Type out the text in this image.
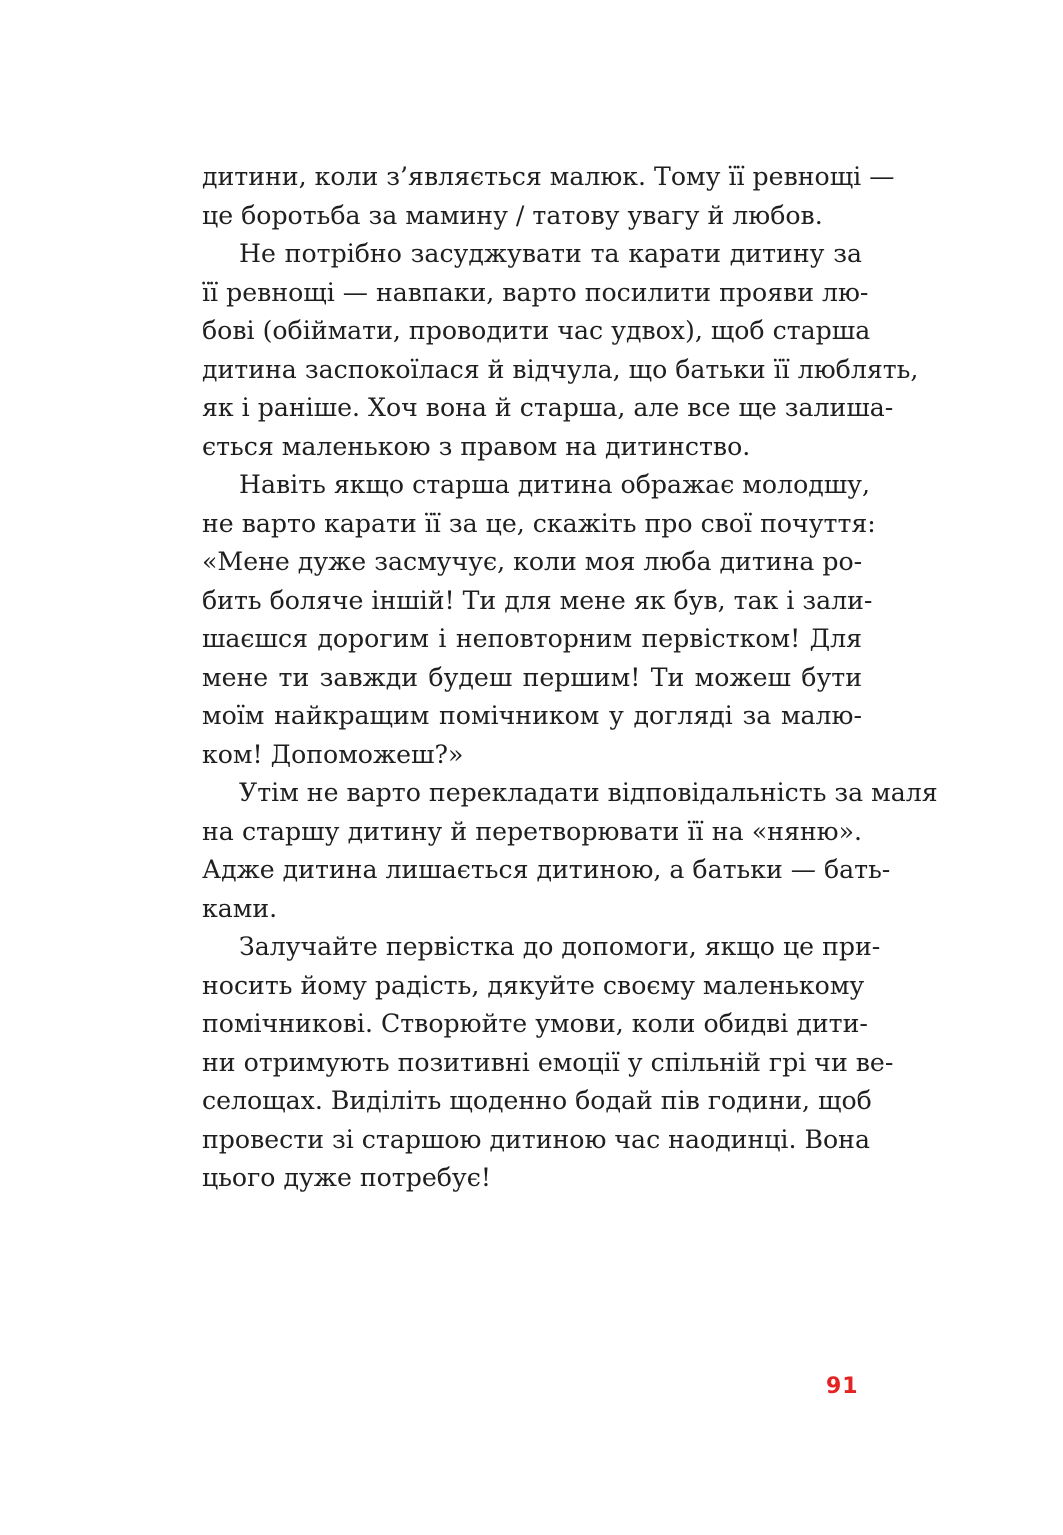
дитини, коли з’являється малюк. Тому її ревнощі —
це боротьба за мамину / татову увагу й любов.
Не потрібно засуджувати та карати дитину за
її ревнощі — навпаки, варто посилити прояви лю-
бові (обіймати, проводити час удвох), щоб старша
дитина заспокоїлася й відчула, що батьки її люблять,
як і раніше. Хоч вона й старша, але все ще залиша-
ється маленькою з правом на дитинство.
Навіть якщо старша дитина ображає молодшу,
не варто карати її за це, скажіть про свої почуття:
«Мене дуже засмучує, коли моя люба дитина ро-
бить боляче іншій! Ти для мене як був, так і зали-
шаєшся дорогим і неповторним первістком! Для
мене ти завжди будеш першим! Ти можеш бути
моїм найкращим помічником у догляді за малю-
ком! Допоможеш?»
Утім не варто перекладати відповідальність за маля
на старшу дитину й перетворювати її на «няню».
Адже дитина лишається дитиною, а батьки — бать-
ками.
Залучайте первістка до допомоги, якщо це при-
носить йому радість, дякуйте своєму маленькому
помічникові. Створюйте умови, коли обидві дити-
ни отримують позитивні емоції у спільній грі чи ве-
селощах. Виділіть щоденно бодай пів години, щоб
провести зі старшою дитиною час наодинці. Вона
цього дуже потребує!
91
